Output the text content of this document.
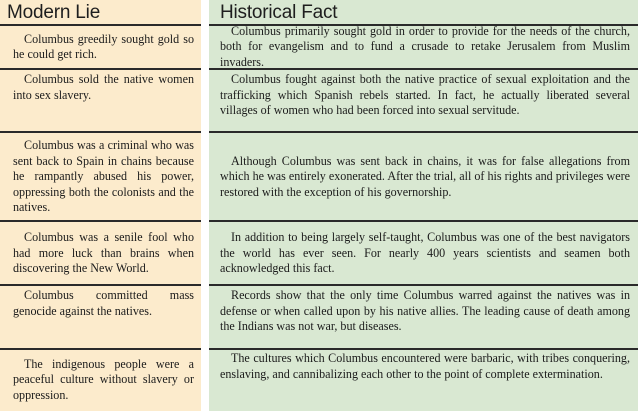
Modern Lie	Historical Fact
Columbus greedily sought gold so he could get rich.
Columbus primarily sought gold in order to provide for the needs of the church, both for evangelism and to fund a crusade to retake Jerusalem from Muslim invaders.
Columbus sold the native women into sex slavery.
Columbus fought against both the native practice of sexual exploitation and the trafficking which Spanish rebels started. In fact, he actually liberated several villages of women who had been forced into sexual servitude.
Columbus was a criminal who was sent back to Spain in chains because he rampantly abused his power, oppressing both the colonists and the natives.
Although Columbus was sent back in chains, it was for false allegations from which he was entirely exonerated. After the trial, all of his rights and privileges were restored with the exception of his governorship.
Columbus was a senile fool who had more luck than brains when discovering the New World.
In addition to being largely self-taught, Columbus was one of the best navigators the world has ever seen. For nearly 400 years scientists and seamen both acknowledged this fact.
Columbus committed mass genocide against the natives.
Records show that the only time Columbus warred against the natives was in defense or when called upon by his native allies. The leading cause of death among the Indians was not war, but diseases.
The indigenous people were a peaceful culture without slavery or oppression.
The cultures which Columbus encountered were barbaric, with tribes conquering, enslaving, and cannibalizing each other to the point of complete extermination.
